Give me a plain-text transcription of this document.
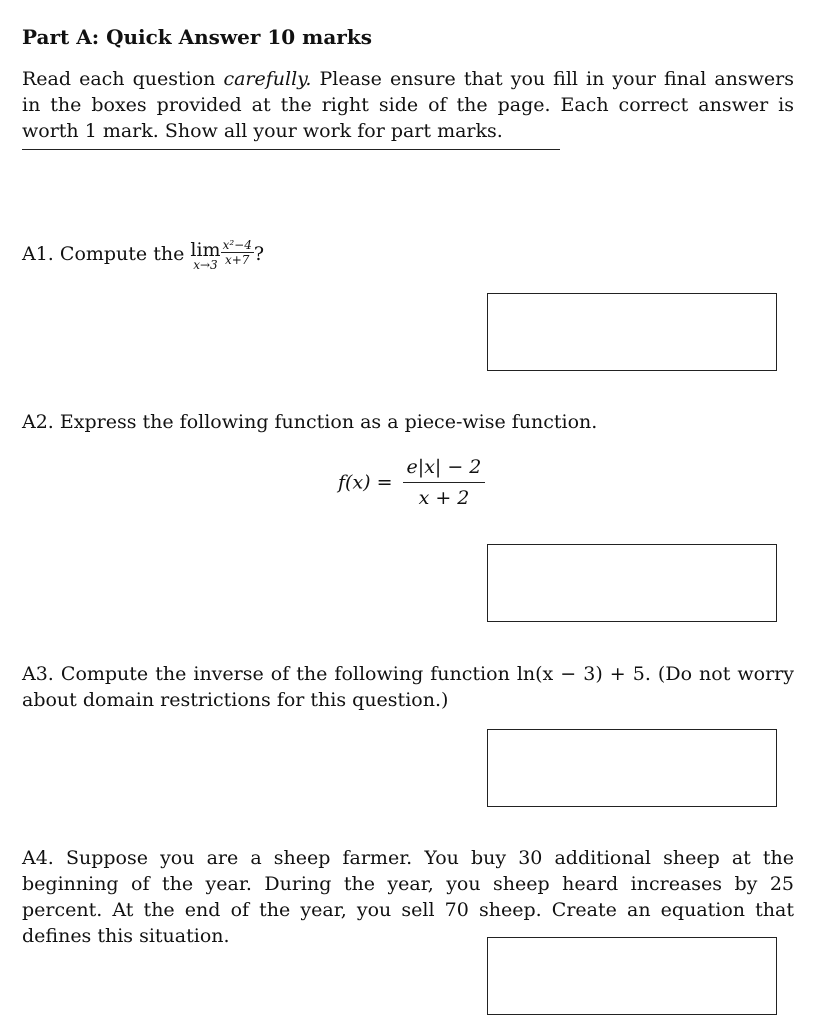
Part A: Quick Answer 10 marks
Read each question carefully. Please ensure that you fill in your final answers in the boxes provided at the right side of the page. Each correct answer is worth 1 mark. Show all your work for part marks.
A1. Compute the lim
$x\to 3 \frac{\text{x²−4}}{x+7}$ ?
A2. Express the following function as a piece-wise function.
$f(x) = \frac{e|x| - 2}{x + 2}$
A3. Compute the inverse of the following function ln(x − 3) + 5. (Do not worry about domain restrictions for this question.)
A4. Suppose you are a sheep farmer. You buy 30 additional sheep at the beginning of the year. During the year, you sheep heard increases by 25 percent. At the end of the year, you sell 70 sheep. Create an equation that defines this situation.
